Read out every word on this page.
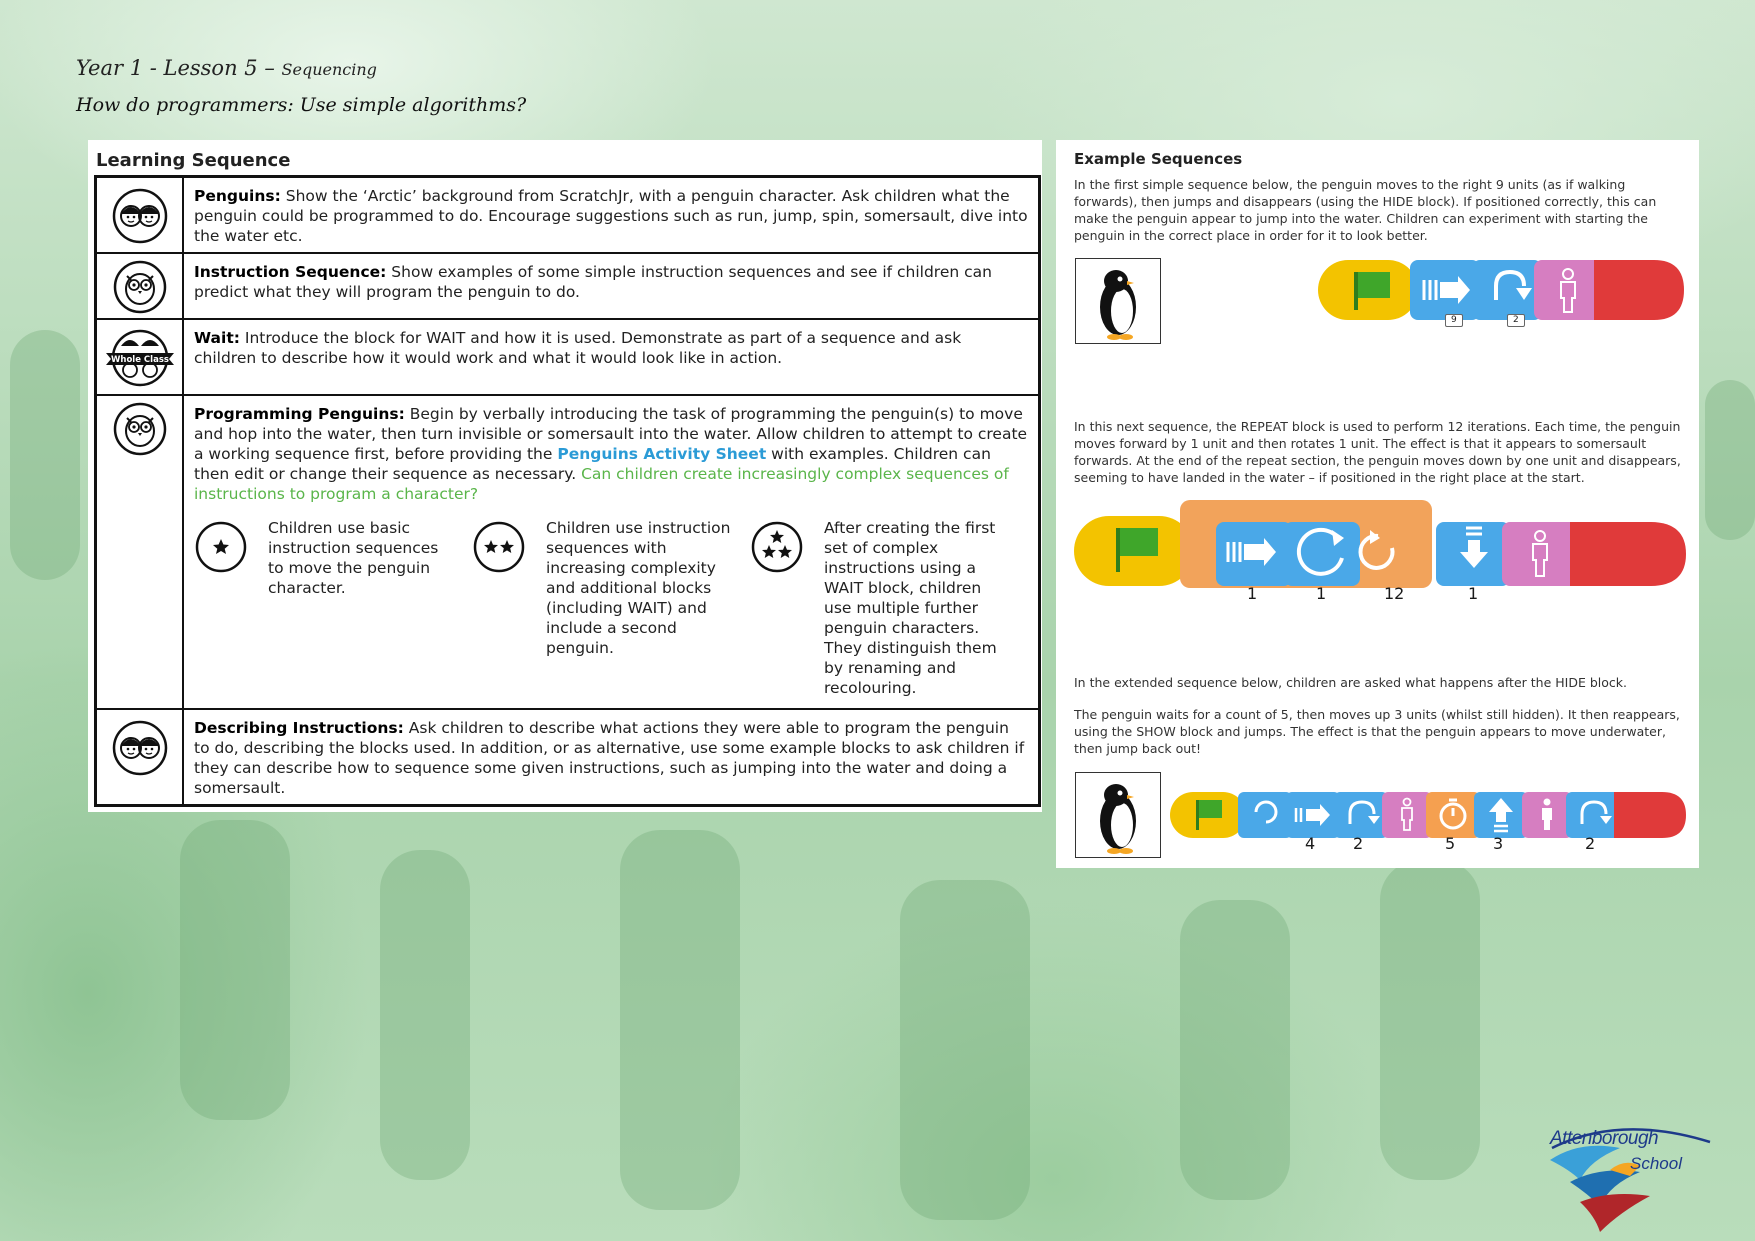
Year 1 - Lesson 5 – Sequencing
How do programmers: Use simple algorithms?
Learning Sequence
	Penguins: Show the ‘Arctic’ background from ScratchJr, with a penguin character. Ask children what the penguin could be programmed to do. Encourage suggestions such as run, jump, spin, somersault, dive into the water etc.
	Instruction Sequence: Show examples of some simple instruction sequences and see if children can predict what they will program the penguin to do.

Whole Class	Wait: Introduce the block for WAIT and how it is used. Demonstrate as part of a sequence and ask children to describe how it would work and what it would look like in action.
	Programming Penguins: Begin by verbally introducing the task of programming the penguin(s) to move and hop into the water, then turn invisible or somersault into the water. Allow children to attempt to create a working sequence first, before providing the Penguins Activity Sheet with examples. Children can then edit or change their sequence as necessary. Can children create increasingly complex sequences of instructions to program a character?
Children use basic instruction sequences to move the penguin character.
Children use instruction sequences with increasing complexity and additional blocks (including WAIT) and include a second penguin.
After creating the first set of complex instructions using a WAIT block, children use multiple further penguin characters. They distinguish them by renaming and recolouring.

	Describing Instructions: Ask children to describe what actions they were able to program the penguin to do, describing the blocks used. In addition, or as alternative, use some example blocks to ask children if they can describe how to sequence some given instructions, such as jumping into the water and doing a somersault.
Example Sequences

In the first simple sequence below, the penguin moves to the right 9 units (as if walking forwards), then jumps and disappears (using the HIDE block). If positioned correctly, this can make the penguin appear to jump into the water. Children can experiment with starting the penguin in the correct place in order for it to look better.

9	2

In this next sequence, the REPEAT block is used to perform 12 iterations. Each time, the penguin moves forward by 1 unit and then rotates 1 unit. The effect is that it appears to somersault forwards. At the end of the repeat section, the penguin moves down by one unit and disappears, seeming to have landed in the water – if positioned in the right place at the start.

1	1	12	1

In the extended sequence below, children are asked what happens after the HIDE block.

The penguin waits for a count of 5, then moves up 3 units (whilst still hidden). It then reappears, using the SHOW block and jumps. The effect is that the penguin appears to move underwater, then jump back out!

4 2	5 3	2
Attenborough
School
